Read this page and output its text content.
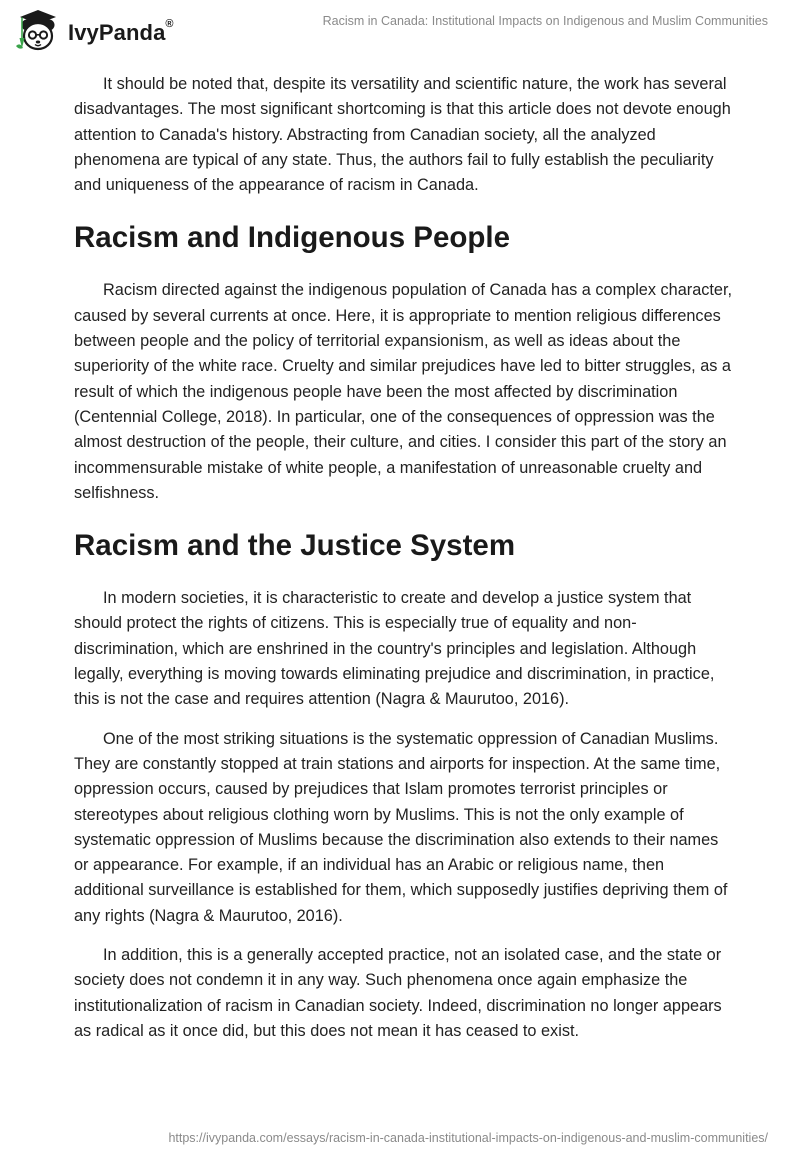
IvyPanda®	Racism in Canada: Institutional Impacts on Indigenous and Muslim Communities

It should be noted that, despite its versatility and scientific nature, the work has several disadvantages. The most significant shortcoming is that this article does not devote enough attention to Canada's history. Abstracting from Canadian society, all the analyzed phenomena are typical of any state. Thus, the authors fail to fully establish the peculiarity and uniqueness of the appearance of racism in Canada.

Racism and Indigenous People

Racism directed against the indigenous population of Canada has a complex character, caused by several currents at once. Here, it is appropriate to mention religious differences between people and the policy of territorial expansionism, as well as ideas about the superiority of the white race. Cruelty and similar prejudices have led to bitter struggles, as a result of which the indigenous people have been the most affected by discrimination (Centennial College, 2018). In particular, one of the consequences of oppression was the almost destruction of the people, their culture, and cities. I consider this part of the story an incommensurable mistake of white people, a manifestation of unreasonable cruelty and selfishness.

Racism and the Justice System

In modern societies, it is characteristic to create and develop a justice system that should protect the rights of citizens. This is especially true of equality and non-discrimination, which are enshrined in the country's principles and legislation. Although legally, everything is moving towards eliminating prejudice and discrimination, in practice, this is not the case and requires attention (Nagra & Maurutoo, 2016).

One of the most striking situations is the systematic oppression of Canadian Muslims. They are constantly stopped at train stations and airports for inspection. At the same time, oppression occurs, caused by prejudices that Islam promotes terrorist principles or stereotypes about religious clothing worn by Muslims. This is not the only example of systematic oppression of Muslims because the discrimination also extends to their names or appearance. For example, if an individual has an Arabic or religious name, then additional surveillance is established for them, which supposedly justifies depriving them of any rights (Nagra & Maurutoo, 2016).

In addition, this is a generally accepted practice, not an isolated case, and the state or society does not condemn it in any way. Such phenomena once again emphasize the institutionalization of racism in Canadian society. Indeed, discrimination no longer appears as radical as it once did, but this does not mean it has ceased to exist.

https://ivypanda.com/essays/racism-in-canada-institutional-impacts-on-indigenous-and-muslim-communities/
